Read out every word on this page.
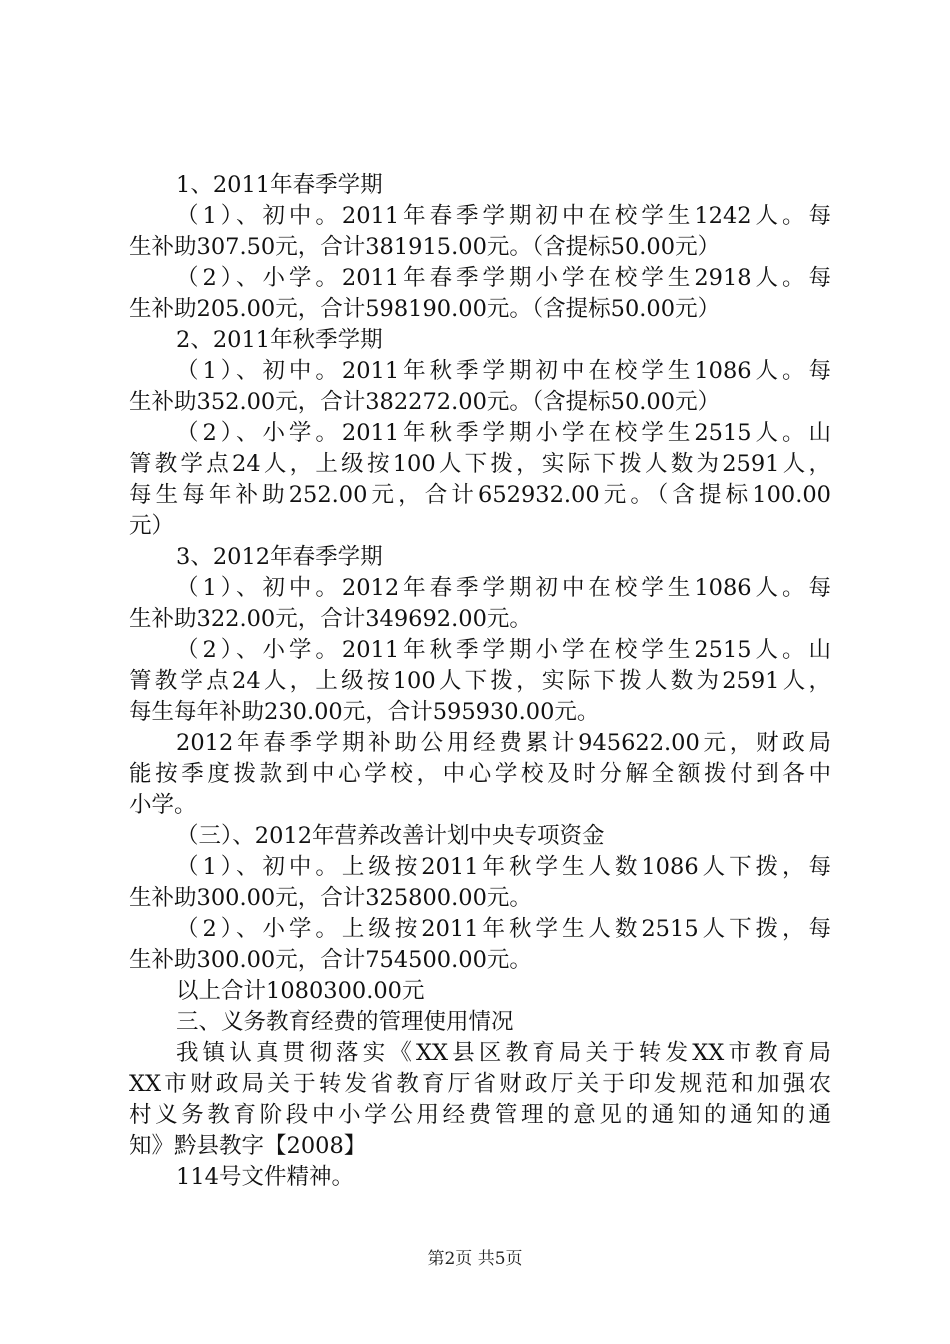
1、2011年春季学期
（1）、初中。2011年春季学期初中在校学生1242人。每
生补助307.50元，合计381915.00元。（含提标50.00元）
（2）、小学。2011年春季学期小学在校学生2918人。每
生补助205.00元，合计598190.00元。（含提标50.00元）
2、2011年秋季学期
（1）、初中。2011年秋季学期初中在校学生1086人。每
生补助352.00元，合计382272.00元。（含提标50.00元）
（2）、小学。2011年秋季学期小学在校学生2515人。山
箐教学点24人，上级按100人下拨，实际下拨人数为2591人，
每生每年补助252.00元，合计652932.00元。（含提标100.00
元）
3、2012年春季学期
（1）、初中。2012年春季学期初中在校学生1086人。每
生补助322.00元，合计349692.00元。
（2）、小学。2011年秋季学期小学在校学生2515人。山
箐教学点24人，上级按100人下拨，实际下拨人数为2591人，
每生每年补助230.00元，合计595930.00元。
2012年春季学期补助公用经费累计945622.00元，财政局
能按季度拨款到中心学校，中心学校及时分解全额拨付到各中
小学。
（三）、2012年营养改善计划中央专项资金
（1）、初中。上级按2011年秋学生人数1086人下拨，每
生补助300.00元，合计325800.00元。
（2）、小学。上级按2011年秋学生人数2515人下拨，每
生补助300.00元，合计754500.00元。
以上合计1080300.00元
三、义务教育经费的管理使用情况
我镇认真贯彻落实《XX县区教育局关于转发XX市教育局
XX市财政局关于转发省教育厅省财政厅关于印发规范和加强农
村义务教育阶段中小学公用经费管理的意见的通知的通知的通
知》黔县教字【2008】
114号文件精神。
第2页 共5页
